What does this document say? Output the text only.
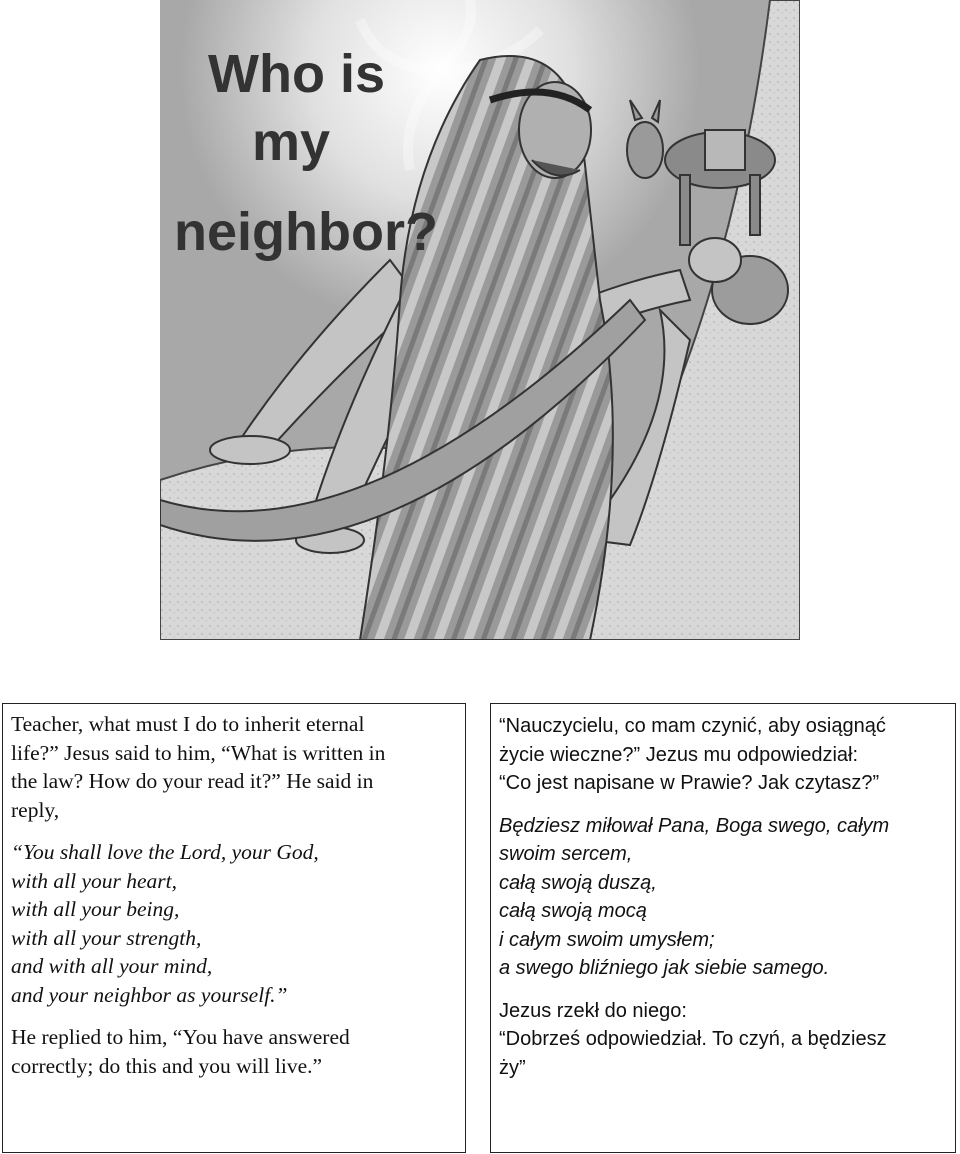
Who is
my
neighbor?

Teacher, what must I do to inherit eternal
life?” Jesus said to him, “What is written in
the law? How do your read it?” He said in
reply,

“You shall love the Lord, your God,
with all your heart,
with all your being,
with all your strength,
and with all your mind,
and your neighbor as yourself.”

He replied to him, “You have answered
correctly; do this and you will live.”

“Nauczycielu, co mam czynić, aby osiągnąć
życie wieczne?” Jezus mu odpowiedział:
“Co jest napisane w Prawie? Jak czytasz?”

Będziesz miłował Pana, Boga swego, całym
swoim sercem,
całą swoją duszą,
całą swoją mocą
i całym swoim umysłem;
a swego bliźniego jak siebie samego.

Jezus rzekł do niego:
“Dobrześ odpowiedział. To czyń, a będziesz
ży”
